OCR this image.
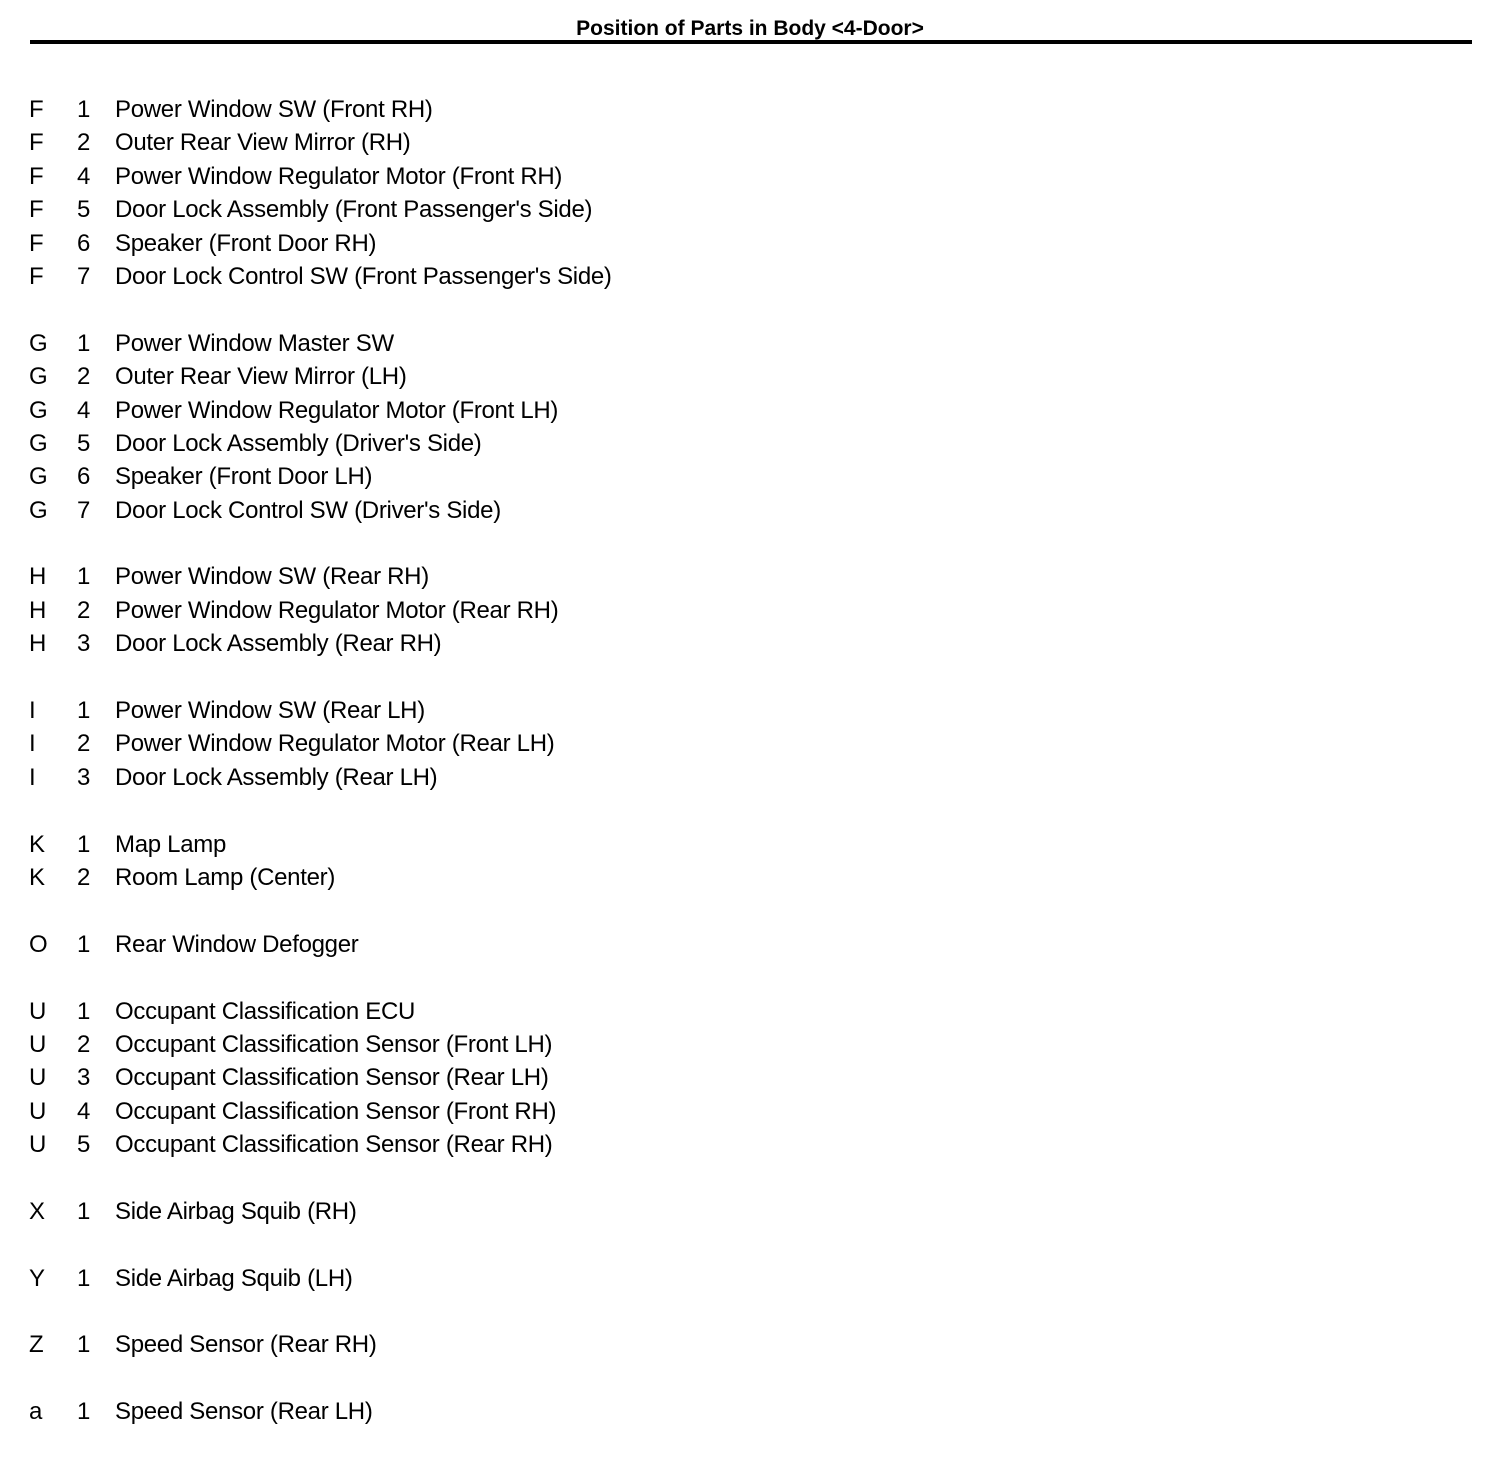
Position of Parts in Body <4-Door>
F 1 Power Window SW (Front RH)
F 2 Outer Rear View Mirror (RH)
F 4 Power Window Regulator Motor (Front RH)
F 5 Door Lock Assembly (Front Passenger's Side)
F 6 Speaker (Front Door RH)
F 7 Door Lock Control SW (Front Passenger's Side)
G 1 Power Window Master SW
G 2 Outer Rear View Mirror (LH)
G 4 Power Window Regulator Motor (Front LH)
G 5 Door Lock Assembly (Driver's Side)
G 6 Speaker (Front Door LH)
G 7 Door Lock Control SW (Driver's Side)
H 1 Power Window SW (Rear RH)
H 2 Power Window Regulator Motor (Rear RH)
H 3 Door Lock Assembly (Rear RH)
I 1 Power Window SW (Rear LH)
I 2 Power Window Regulator Motor (Rear LH)
I 3 Door Lock Assembly (Rear LH)
K 1 Map Lamp
K 2 Room Lamp (Center)
O 1 Rear Window Defogger
U 1 Occupant Classification ECU
U 2 Occupant Classification Sensor (Front LH)
U 3 Occupant Classification Sensor (Rear LH)
U 4 Occupant Classification Sensor (Front RH)
U 5 Occupant Classification Sensor (Rear RH)
X 1 Side Airbag Squib (RH)
Y 1 Side Airbag Squib (LH)
Z 1 Speed Sensor (Rear RH)
a 1 Speed Sensor (Rear LH)
